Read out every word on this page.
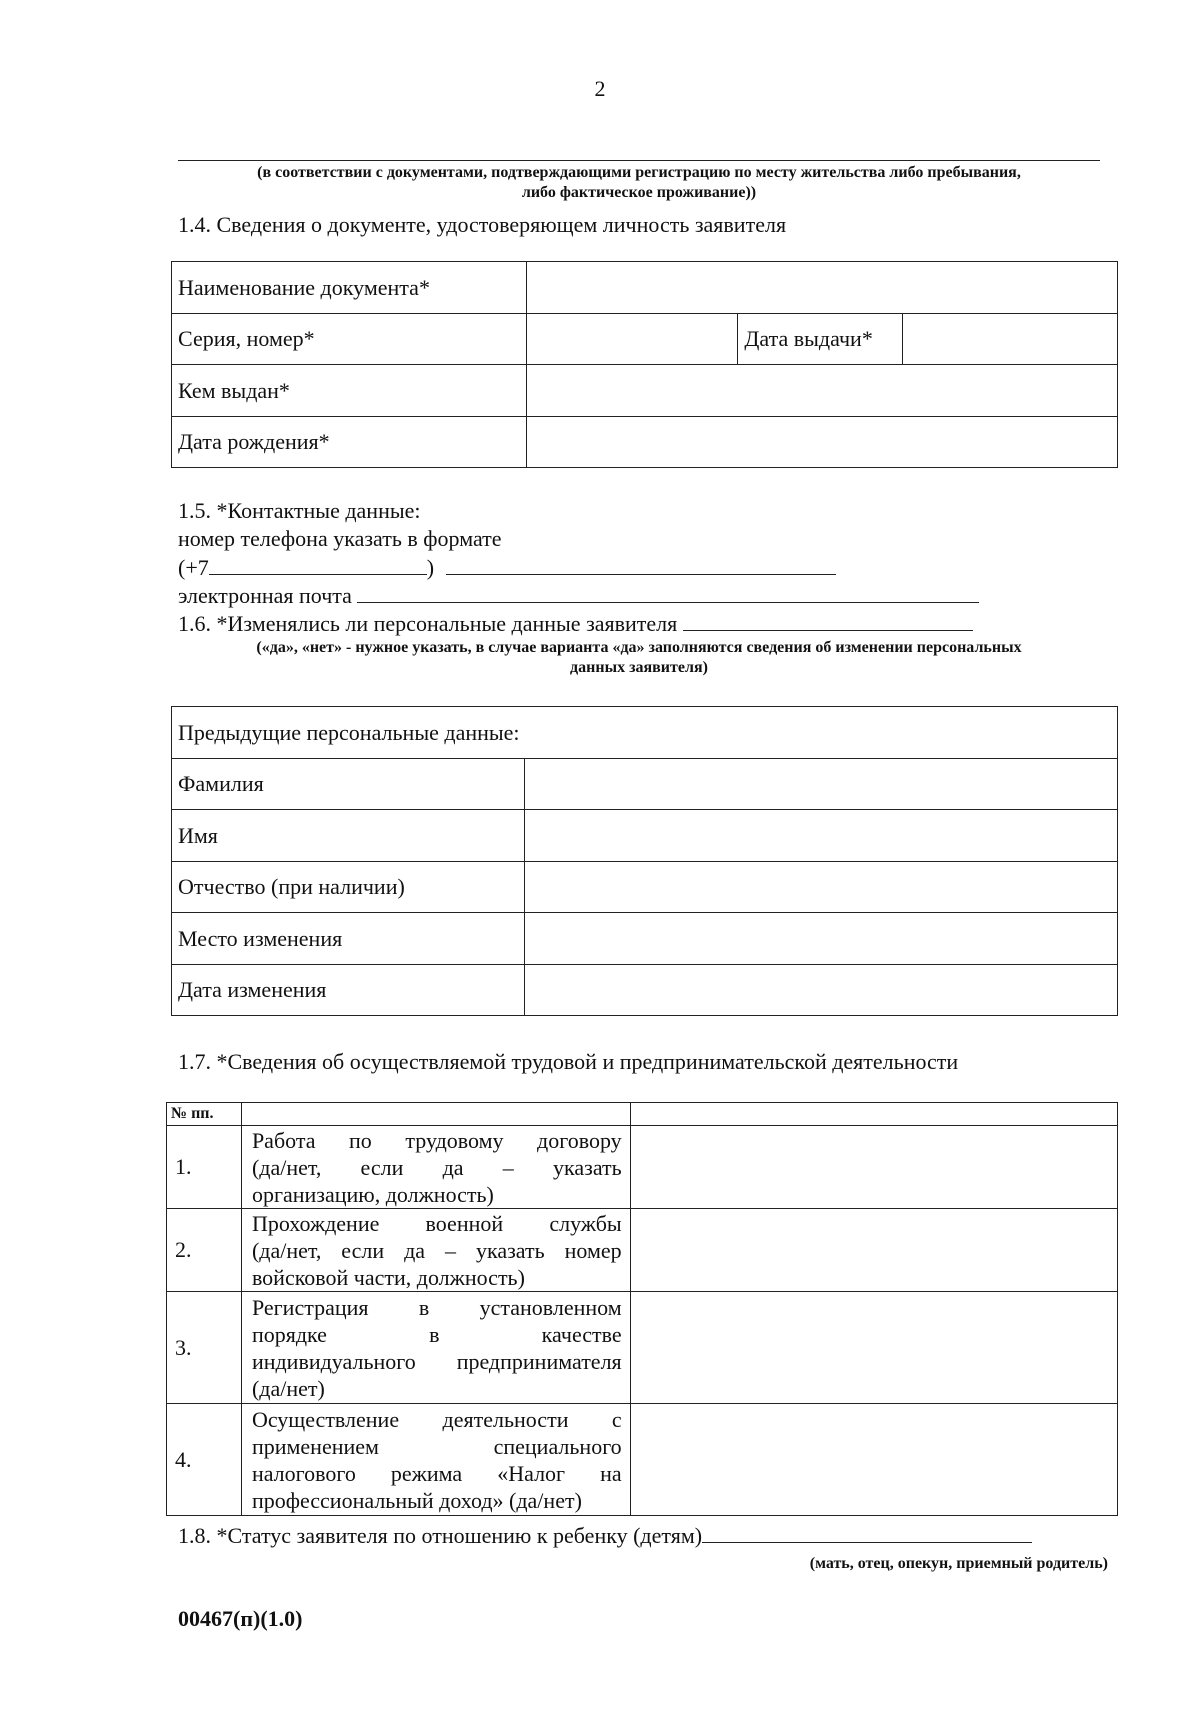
2
(в соответствии с документами, подтверждающими регистрацию по месту жительства либо пребывания,
либо фактическое проживание))
1.4. Сведения о документе, удостоверяющем личность заявителя
Наименование документа*			
Серия, номер*		Дата выдачи*	
Кем выдан*			
Дата рождения*			
1.5. *Контактные данные:
номер телефона указать в формате
(+7	)
электронная почта
1.6. *Изменялись ли персональные данные заявителя
(«да», «нет» - нужное указать, в случае варианта «да» заполняются сведения об изменении персональных
данных заявителя)
Предыдущие персональные данные:	
Фамилия	
Имя	
Отчество (при наличии)	
Место изменения	
Дата изменения	
1.7. *Сведения об осуществляемой трудовой и предпринимательской деятельности
№ пп.		
1.	Работа по трудовому договору
(да/нет, если да – указать
организацию, должность)	

2.	Прохождение военной службы
(да/нет, если да – указать номер
войсковой части, должность)	

3.	Регистрация в установленном
порядке в качестве
индивидуального предпринимателя
(да/нет)	

4.	Осуществление деятельности с
применением специального
налогового режима «Налог на
профессиональный доход» (да/нет)	

1.8. *Статус заявителя по отношению к ребенку (детям)
(мать, отец, опекун, приемный родитель)
00467(п)(1.0)
